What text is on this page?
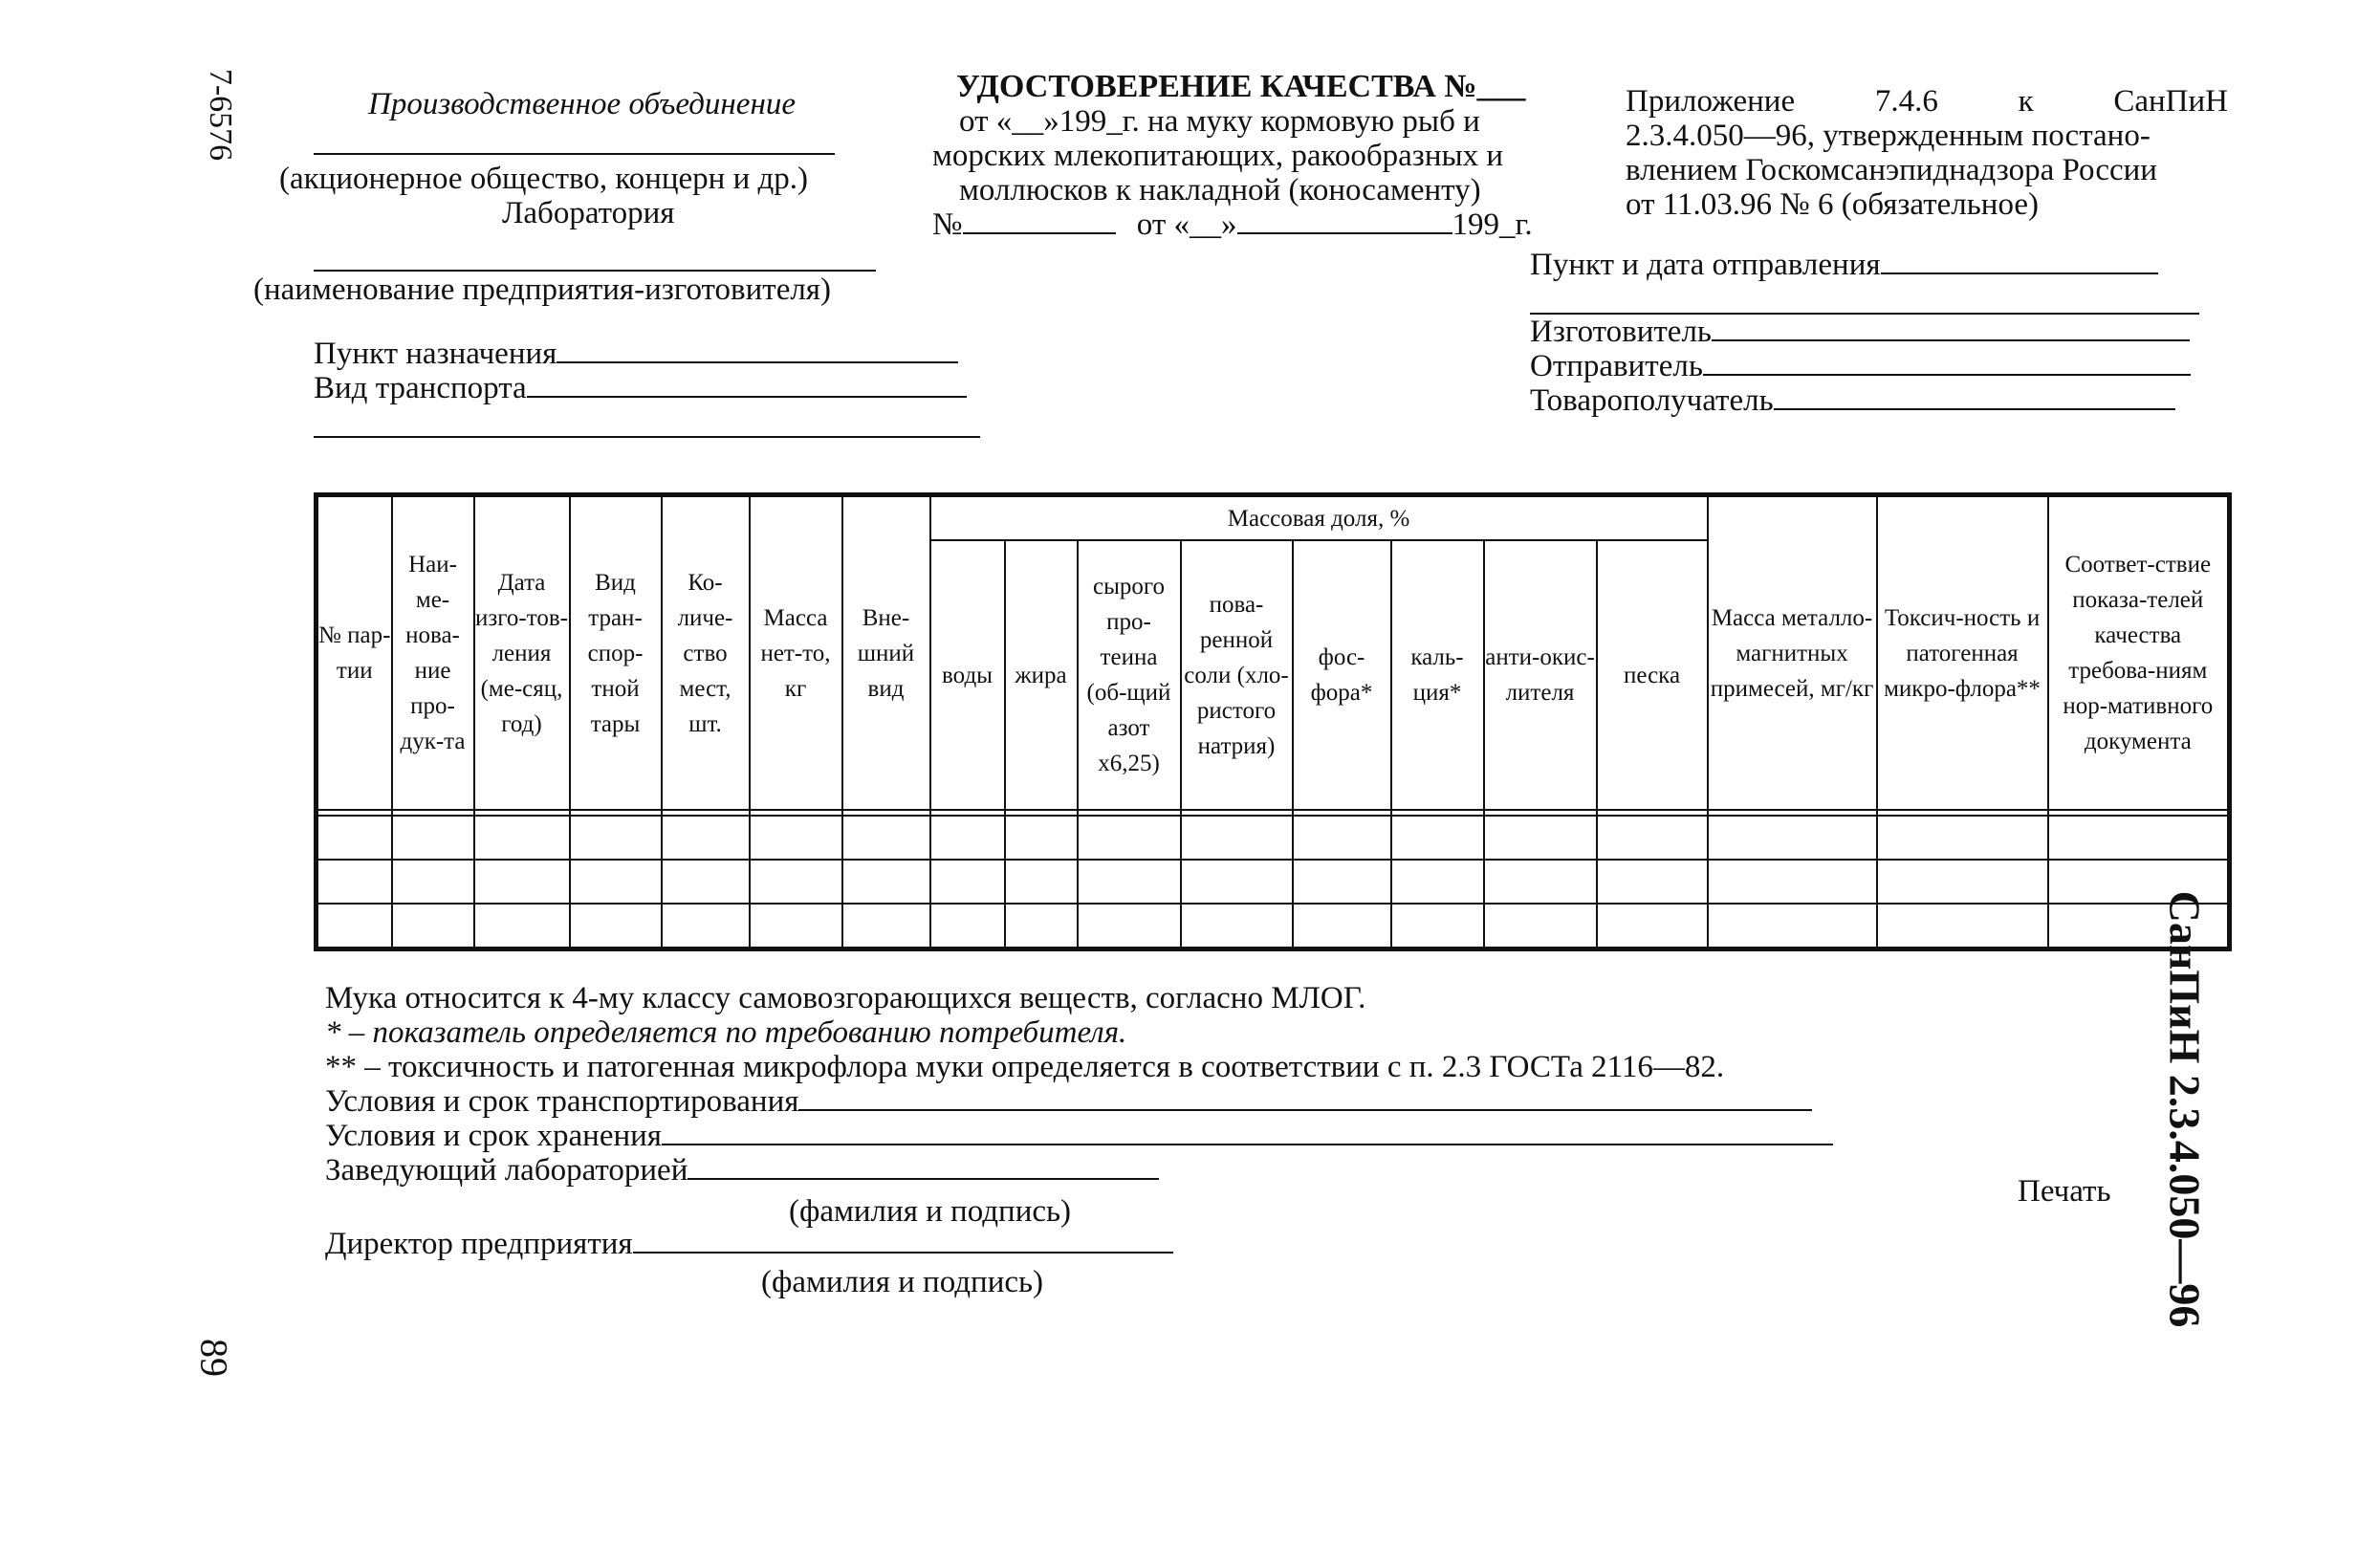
7-6576
89
СанПиН 2.3.4.050—96
Производственное объединение
(акционерное общество, концерн и др.)
Лаборатория
(наименование предприятия-изготовителя)
Пункт назначения
Вид транспорта
УДОСТОВЕРЕНИЕ КАЧЕСТВА №___
от «__»199_г. на муку кормовую рыб и
морских млекопитающих, ракообразных и
моллюсков к накладной (коносаменту)
№	от «__»	199_г.
Приложение 7.4.6 к СанПиН
2.3.4.050—96, утвержденным постано-
влением Госкомсанэпиднадзора России
от 11.03.96 № 6 (обязательное)
Пункт и дата отправления
Изготовитель
Отправитель
Товарополучатель
№ пар-тии	Наи-ме-нова-ние про-дук-та	Дата изго-тов-ления (ме-сяц, год)	Вид тран-спор-тной тары	Ко-личе-ство мест, шт.	Масса нет-то, кг	Вне-шний вид	Массовая доля, %								Масса металло-магнитных примесей, мг/кг	Токсич-ность и патогенная микро-флора**	Соответ-ствие показа-телей качества требова-ниям нор-мативного документа
							воды	жира	сырого про-теина (об-щий азот х6,25)	пова-ренной соли (хло-ристого натрия)	фос-фора*	каль-ция*	анти-окис-лителя	песка			

Мука относится к 4-му классу самовозгорающихся веществ, согласно МЛОГ.
* – показатель определяется по требованию потребителя.
** – токсичность и патогенная микрофлора муки определяется в соответствии с п. 2.3 ГОСТа 2116—82.
Условия и срок транспортирования
Условия и срок хранения
Заведующий лабораторией
(фамилия и подпись)
Директор предприятия
(фамилия и подпись)
Печать
